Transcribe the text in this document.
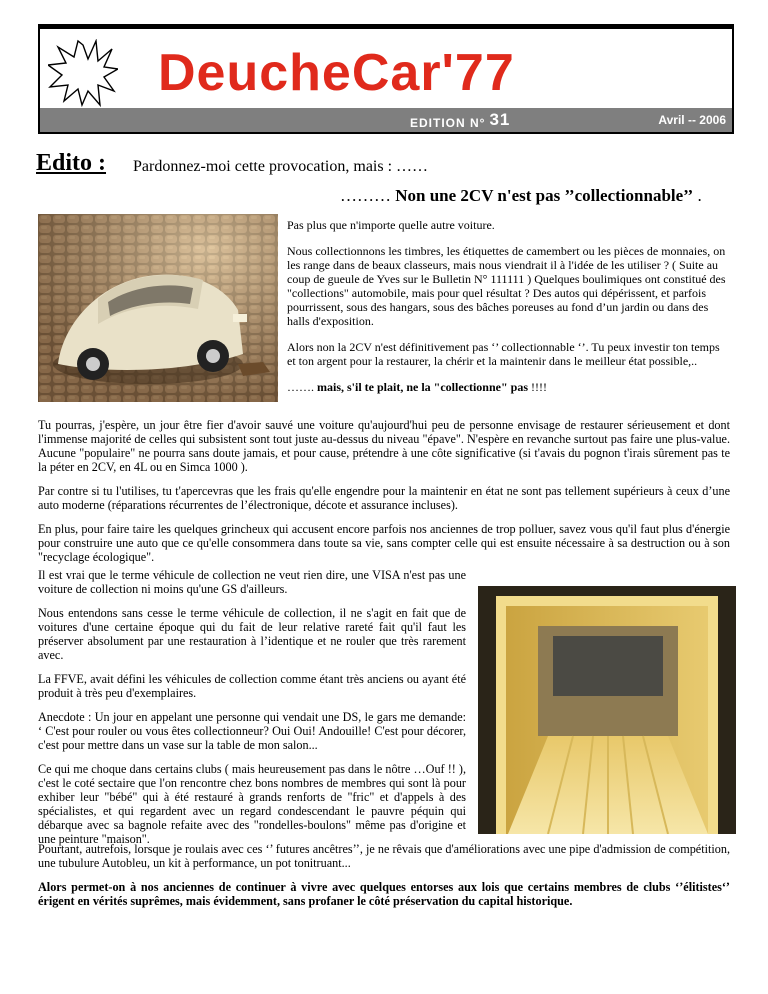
DeucheCar'77
EDITION N° 31	Avril -- 2006
Edito : Pardonnez-moi cette provocation, mais : ……
……… Non une 2CV n'est pas ’’collectionnable’’ .

Pas plus que n'importe quelle autre voiture.

Nous collectionnons les timbres, les étiquettes de camembert ou les pièces de monnaies, on les range dans de beaux classeurs, mais nous viendrait il à l'idée de les utiliser ? ( Suite au coup de gueule de Yves sur le Bulletin N° 111111 ) Quelques boulimiques ont constitué des "collections" automobile, mais pour quel résultat ? Des autos qui dépérissent, et parfois pourrissent, sous des hangars, sous des bâches poreuses au fond d’un jardin ou dans des halls d'exposition.

Alors non la 2CV n'est définitivement pas ‘’ collectionnable ‘’. Tu peux investir ton temps et ton argent pour la restaurer, la chérir et la maintenir dans le meilleur état possible,..

……. mais, s'il te plait, ne la "collectionne" pas !!!!

Tu pourras, j'espère, un jour être fier d'avoir sauvé une voiture qu'aujourd'hui peu de personne envisage de restaurer sérieusement et dont l'immense majorité de celles qui subsistent sont tout juste au-dessus du niveau "épave". N'espère en revanche surtout pas faire une plus-value. Aucune "populaire" ne pourra sans doute jamais, et pour cause, prétendre à une côte significative (si t'avais du pognon t'irais sûrement pas te la péter en 2CV, en 4L ou en Simca 1000 ).

Par contre si tu l'utilises, tu t'apercevras que les frais qu'elle engendre pour la maintenir en état ne sont pas tellement supérieurs à ceux d’une auto moderne (réparations récurrentes de l’électronique, décote et assurance incluses).

En plus, pour faire taire les quelques grincheux qui accusent encore parfois nos anciennes de trop polluer, savez vous qu'il faut plus d'énergie pour construire une auto que ce qu'elle consommera dans toute sa vie, sans compter celle qui est ensuite nécessaire à sa destruction ou à son "recyclage écologique".

Il est vrai que le terme véhicule de collection ne veut rien dire, une VISA n'est pas une voiture de collection ni moins qu'une GS d'ailleurs.

Nous entendons sans cesse le terme véhicule de collection, il ne s'agit en fait que de voitures d'une certaine époque qui du fait de leur relative rareté fait qu'il faut les préserver absolument par une restauration à l’identique et ne rouler que très rarement avec.

La FFVE, avait défini les véhicules de collection comme étant très anciens ou ayant été produit à très peu d'exemplaires.

Anecdote : Un jour en appelant une personne qui vendait une DS, le gars me demande: ‘ C'est pour rouler ou vous êtes collectionneur? Oui Oui! Andouille! C'est pour décorer, c'est pour mettre dans un vase sur la table de mon salon...

Ce qui me choque dans certains clubs ( mais heureusement pas dans le nôtre …Ouf !! ), c'est le coté sectaire que l'on rencontre chez bons nombres de membres qui sont là pour exhiber leur "bébé" qui à été restauré à grands renforts de "fric" et d'appels à des spécialistes, et qui regardent avec un regard condescendant le pauvre péquin qui débarque avec sa bagnole refaite avec des "rondelles-boulons" même pas d'origine et une peinture "maison".

Pourtant, autrefois, lorsque je roulais avec ces ‘’ futures ancêtres’’, je ne rêvais que d'améliorations avec une pipe d'admission de compétition, une tubulure Autobleu, un kit à performance, un pot tonitruant...

Alors permet-on à nos anciennes de continuer à vivre avec quelques entorses aux lois que certains membres de clubs ‘’élitistes‘’ érigent en vérités suprêmes, mais évidemment, sans profaner le côté préservation du capital historique.
